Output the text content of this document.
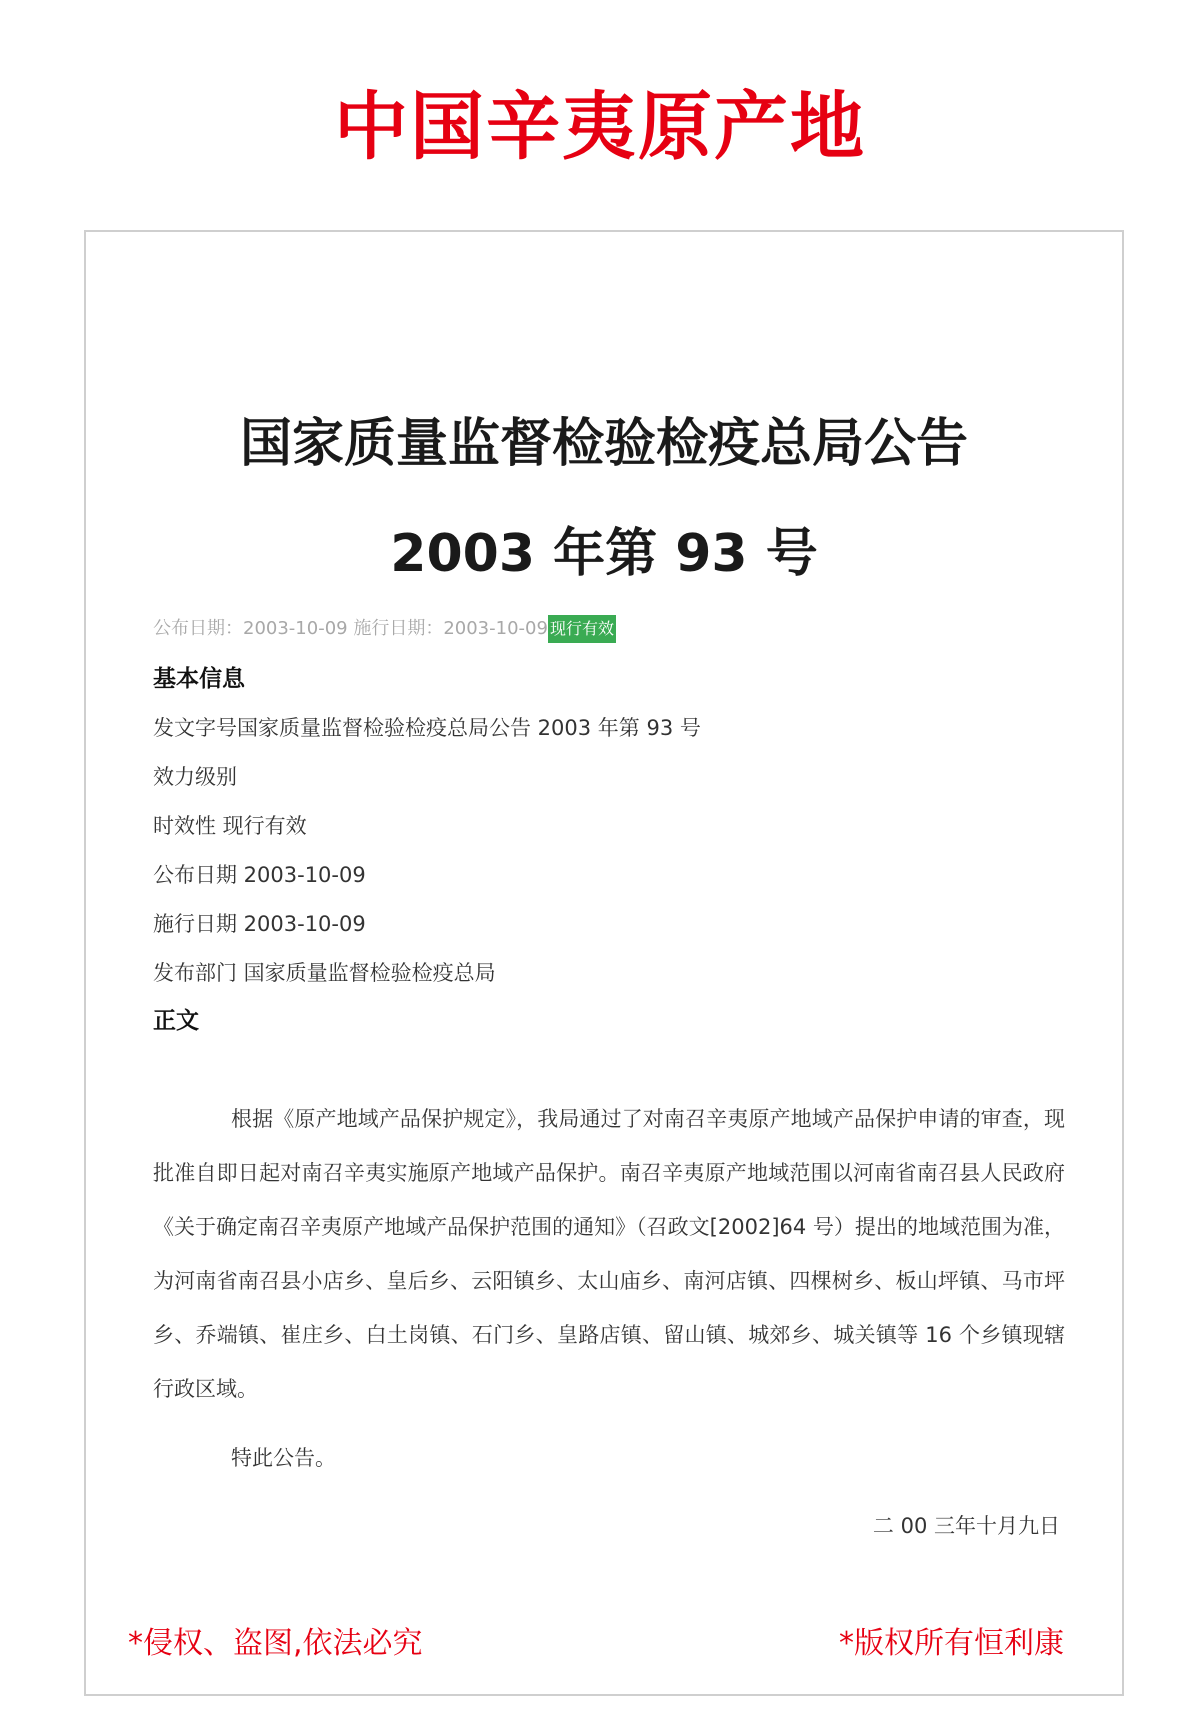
中国辛夷原产地
国家质量监督检验检疫总局公告
2003 年第 93 号
公布日期：2003-10-09 施行日期：2003-10-09 现行有效
基本信息
发文字号国家质量监督检验检疫总局公告 2003 年第 93 号
效力级别
时效性 现行有效
公布日期 2003-10-09
施行日期 2003-10-09
发布部门 国家质量监督检验检疫总局
正文

根据《原产地域产品保护规定》，我局通过了对南召辛夷原产地域产品保护申请的审查，现批准自即日起对南召辛夷实施原产地域产品保护。南召辛夷原产地域范围以河南省南召县人民政府《关于确定南召辛夷原产地域产品保护范围的通知》（召政文[2002]64 号）提出的地域范围为准，为河南省南召县小店乡、皇后乡、云阳镇乡、太山庙乡、南河店镇、四棵树乡、板山坪镇、马市坪乡、乔端镇、崔庄乡、白土岗镇、石门乡、皇路店镇、留山镇、城郊乡、城关镇等 16 个乡镇现辖行政区域。

特此公告。
二 00 三年十月九日
*侵权、盗图,依法必究	*版权所有恒利康
